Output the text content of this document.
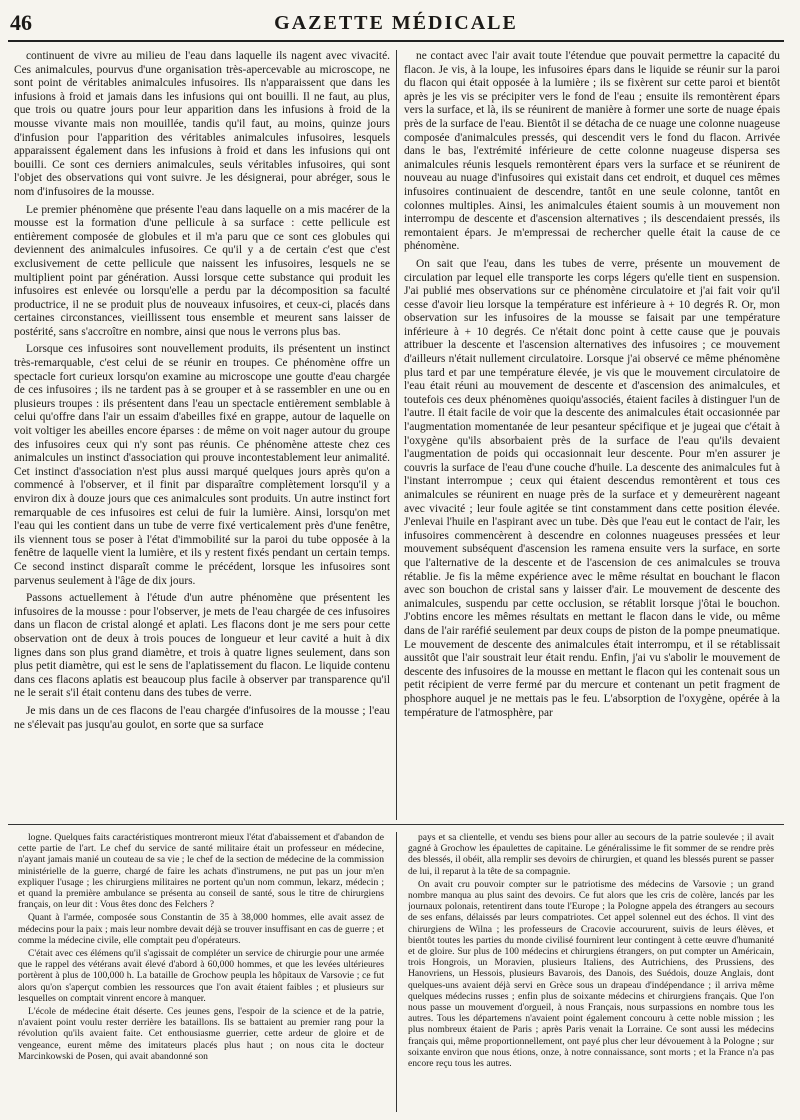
46	GAZETTE MÉDICALE

continuent de vivre au milieu de l'eau dans laquelle ils nagent avec vivacité. Ces animalcules, pourvus d'une organisation très-apercevable au microscope, ne sont point de véritables animalcules infusoires. Ils n'apparaissent que dans les infusions à froid et jamais dans les infusions qui ont bouilli. Il ne faut, au plus, que trois ou quatre jours pour leur apparition dans les infusions à froid de la mousse vivante mais non mouillée, tandis qu'il faut, au moins, quinze jours d'infusion pour l'apparition des véritables animalcules infusoires, lesquels apparaissent également dans les infusions à froid et dans les infusions qui ont bouilli. Ce sont ces derniers animalcules, seuls véritables infusoires, qui sont l'objet des observations qui vont suivre. Je les désignerai, pour abréger, sous le nom d'infusoires de la mousse.

Le premier phénomène que présente l'eau dans laquelle on a mis macérer de la mousse est la formation d'une pellicule à sa surface : cette pellicule est entièrement composée de globules et il m'a paru que ce sont ces globules qui deviennent des animalcules infusoires. Ce qu'il y a de certain c'est que c'est exclusivement de cette pellicule que naissent les infusoires, lesquels ne se multiplient point par génération. Aussi lorsque cette substance qui produit les infusoires est enlevée ou lorsqu'elle a perdu par la décomposition sa faculté productrice, il ne se produit plus de nouveaux infusoires, et ceux-ci, placés dans certaines circonstances, vieillissent tous ensemble et meurent sans laisser de postérité, sans s'accroître en nombre, ainsi que nous le verrons plus bas.

Lorsque ces infusoires sont nouvellement produits, ils présentent un instinct très-remarquable, c'est celui de se réunir en troupes. Ce phénomène offre un spectacle fort curieux lorsqu'on examine au microscope une goutte d'eau chargée de ces infusoires ; ils ne tardent pas à se grouper et à se rassembler en une ou en plusieurs troupes : ils présentent dans l'eau un spectacle entièrement semblable à celui qu'offre dans l'air un essaim d'abeilles fixé en grappe, autour de laquelle on voit voltiger les abeilles encore éparses : de même on voit nager autour du groupe des infusoires ceux qui n'y sont pas réunis. Ce phénomène atteste chez ces animalcules un instinct d'association qui prouve incontestablement leur animalité. Cet instinct d'association n'est plus aussi marqué quelques jours après qu'on a commencé à l'observer, et il finit par disparaître complètement lorsqu'il y a environ dix à douze jours que ces animalcules sont produits. Un autre instinct fort remarquable de ces infusoires est celui de fuir la lumière. Ainsi, lorsqu'on met l'eau qui les contient dans un tube de verre fixé verticalement près d'une fenêtre, ils viennent tous se poser à l'état d'immobilité sur la paroi du tube opposée à la fenêtre de laquelle vient la lumière, et ils y restent fixés pendant un certain temps. Ce second instinct disparaît comme le précédent, lorsque les infusoires sont parvenus seulement à l'âge de dix jours.

Passons actuellement à l'étude d'un autre phénomène que présentent les infusoires de la mousse : pour l'observer, je mets de l'eau chargée de ces infusoires dans un flacon de cristal alongé et aplati. Les flacons dont je me sers pour cette observation ont de deux à trois pouces de longueur et leur cavité a huit à dix lignes dans son plus grand diamètre, et trois à quatre lignes seulement, dans son plus petit diamètre, qui est le sens de l'aplatissement du flacon. Le liquide contenu dans ces flacons aplatis est beaucoup plus facile à observer par transparence qu'il ne le serait s'il était contenu dans des tubes de verre.

Je mis dans un de ces flacons de l'eau chargée d'infusoires de la mousse ; l'eau ne s'élevait pas jusqu'au goulot, en sorte que sa surface

ne contact avec l'air avait toute l'étendue que pouvait permettre la capacité du flacon. Je vis, à la loupe, les infusoires épars dans le liquide se réunir sur la paroi du flacon qui était opposée à la lumière ; ils se fixèrent sur cette paroi et bientôt après je les vis se précipiter vers le fond de l'eau ; ensuite ils remontèrent épars vers la surface, et là, ils se réunirent de manière à former une sorte de nuage épais près de la surface de l'eau. Bientôt il se détacha de ce nuage une colonne nuageuse composée d'animalcules pressés, qui descendit vers le fond du flacon. Arrivée dans le bas, l'extrémité inférieure de cette colonne nuageuse dispersa ses animalcules réunis lesquels remontèrent épars vers la surface et se réunirent de nouveau au nuage d'infusoires qui existait dans cet endroit, et duquel ces mêmes infusoires continuaient de descendre, tantôt en une seule colonne, tantôt en colonnes multiples. Ainsi, les animalcules étaient soumis à un mouvement non interrompu de descente et d'ascension alternatives ; ils descendaient pressés, ils remontaient épars. Je m'empressai de rechercher quelle était la cause de ce phénomène.

On sait que l'eau, dans les tubes de verre, présente un mouvement de circulation par lequel elle transporte les corps légers qu'elle tient en suspension. J'ai publié mes observations sur ce phénomène circulatoire et j'ai fait voir qu'il cesse d'avoir lieu lorsque la température est inférieure à + 10 degrés R. Or, mon observation sur les infusoires de la mousse se faisait par une température inférieure à + 10 degrés. Ce n'était donc point à cette cause que je pouvais attribuer la descente et l'ascension alternatives des infusoires ; ce mouvement d'ailleurs n'était nullement circulatoire. Lorsque j'ai observé ce même phénomène plus tard et par une température élevée, je vis que le mouvement circulatoire de l'eau était réuni au mouvement de descente et d'ascension des animalcules, et toutefois ces deux phénomènes quoiqu'associés, étaient faciles à distinguer l'un de l'autre. Il était facile de voir que la descente des animalcules était occasionnée par l'augmentation momentanée de leur pesanteur spécifique et je jugeai que c'était à l'oxygène qu'ils absorbaient près de la surface de l'eau qu'ils devaient l'augmentation de poids qui occasionnait leur descente. Pour m'en assurer je couvris la surface de l'eau d'une couche d'huile. La descente des animalcules fut à l'instant interrompue ; ceux qui étaient descendus remontèrent et tous ces animalcules se réunirent en nuage près de la surface et y demeurèrent nageant avec vivacité ; leur foule agitée se tint constamment dans cette position élevée. J'enlevai l'huile en l'aspirant avec un tube. Dès que l'eau eut le contact de l'air, les infusoires commencèrent à descendre en colonnes nuageuses pressées et leur mouvement subséquent d'ascension les ramena ensuite vers la surface, en sorte que l'alternative de la descente et de l'ascension de ces animalcules se trouva rétablie. Je fis la même expérience avec le même résultat en bouchant le flacon avec son bouchon de cristal sans y laisser d'air. Le mouvement de descente des animalcules, suspendu par cette occlusion, se rétablit lorsque j'ôtai le bouchon. J'obtins encore les mêmes résultats en mettant le flacon dans le vide, ou même dans de l'air raréfié seulement par deux coups de piston de la pompe pneumatique. Le mouvement de descente des animalcules était interrompu, et il se rétablissait aussitôt que l'air soustrait leur était rendu. Enfin, j'ai vu s'abolir le mouvement de descente des infusoires de la mousse en mettant le flacon qui les contenait sous un petit récipient de verre fermé par du mercure et contenant un petit fragment de phosphore auquel je ne mettais pas le feu. L'absorption de l'oxygène, opérée à la température de l'atmosphère, par

logne. Quelques faits caractéristiques montreront mieux l'état d'abaissement et d'abandon de cette partie de l'art. Le chef du service de santé militaire était un professeur en médecine, n'ayant jamais manié un couteau de sa vie ; le chef de la section de médecine de la commission ministérielle de la guerre, chargé de faire les achats d'instrumens, ne put pas un jour m'en expliquer l'usage ; les chirurgiens militaires ne portent qu'un nom commun, lekarz, médecin ; et quand la première ambulance se présenta au conseil de santé, sous le titre de chirurgiens français, on leur dit : Vous êtes donc des Felchers ?

Quant à l'armée, composée sous Constantin de 35 à 38,000 hommes, elle avait assez de médecins pour la paix ; mais leur nombre devait déjà se trouver insuffisant en cas de guerre ; et comme la médecine civile, elle comptait peu d'opérateurs.

C'était avec ces élémens qu'il s'agissait de compléter un service de chirurgie pour une armée que le rappel des vétérans avait élevé d'abord à 60,000 hommes, et que les levées ultérieures portèrent à plus de 100,000 h. La bataille de Grochow peupla les hôpitaux de Varsovie ; ce fut alors qu'on s'aperçut combien les ressources que l'on avait étaient faibles ; et plusieurs sur lesquelles on comptait vinrent encore à manquer.

L'école de médecine était déserte. Ces jeunes gens, l'espoir de la science et de la patrie, n'avaient point voulu rester derrière les bataillons. Ils se battaient au premier rang pour la révolution qu'ils avaient faite. Cet enthousiasme guerrier, cette ardeur de gloire et de vengeance, eurent même des imitateurs placés plus haut ; on nous cita le docteur Marcinkowski de Posen, qui avait abandonné son

pays et sa clientelle, et vendu ses biens pour aller au secours de la patrie soulevée ; il avait gagné à Grochow les épaulettes de capitaine. Le généralissime le fit sommer de se rendre près des blessés, il obéit, alla remplir ses devoirs de chirurgien, et quand les blessés purent se passer de lui, il reparut à la tête de sa compagnie.

On avait cru pouvoir compter sur le patriotisme des médecins de Varsovie ; un grand nombre manqua au plus saint des devoirs. Ce fut alors que les cris de colère, lancés par les journaux polonais, retentirent dans toute l'Europe ; la Pologne appela des étrangers au secours de ses enfans, délaissés par leurs compatriotes. Cet appel solennel eut des échos. Il vint des chirurgiens de Wilna ; les professeurs de Cracovie accoururent, suivis de leurs élèves, et bientôt toutes les parties du monde civilisé fournirent leur contingent à cette œuvre d'humanité et de gloire. Sur plus de 100 médecins et chirurgiens étrangers, on put compter un Américain, trois Hongrois, un Moravien, plusieurs Italiens, des Autrichiens, des Prussiens, des Hanovriens, un Hessois, plusieurs Bavarois, des Danois, des Suédois, douze Anglais, dont quelques-uns avaient déjà servi en Grèce sous un drapeau d'indépendance ; il arriva même quelques médecins russes ; enfin plus de soixante médecins et chirurgiens français. Que l'on nous passe un mouvement d'orgueil, à nous Français, nous surpassions en nombre tous les autres. Tous les départemens n'avaient point également concouru à cette noble mission ; les plus nombreux étaient de Paris ; après Paris venait la Lorraine. Ce sont aussi les médecins français qui, même proportionnellement, ont payé plus cher leur dévouement à la Pologne ; sur soixante environ que nous étions, onze, à notre connaissance, sont morts ; et la France n'a pas encore reçu tous les autres.
